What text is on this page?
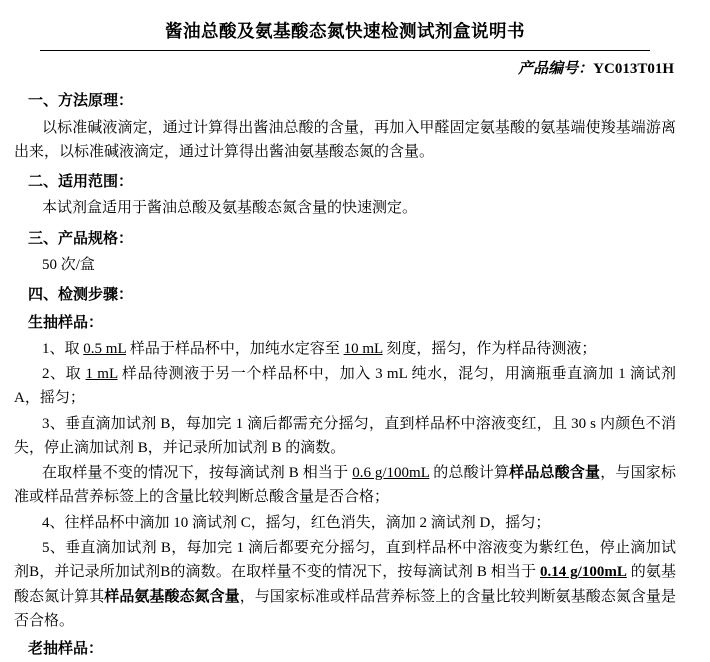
酱油总酸及氨基酸态氮快速检测试剂盒说明书
产品编号：YC013T01H
一、方法原理：
以标准碱液滴定，通过计算得出酱油总酸的含量，再加入甲醛固定氨基酸的氨基端使羧基端游离出来，以标准碱液滴定，通过计算得出酱油氨基酸态氮的含量。
二、适用范围：
本试剂盒适用于酱油总酸及氨基酸态氮含量的快速测定。
三、产品规格：
50 次/盒
四、检测步骤：
生抽样品：
1、取 0.5 mL 样品于样品杯中，加纯水定容至 10 mL 刻度，摇匀，作为样品待测液；
2、取 1 mL 样品待测液于另一个样品杯中，加入 3 mL 纯水，混匀，用滴瓶垂直滴加 1 滴试剂 A，摇匀；
3、垂直滴加试剂 B，每加完 1 滴后都需充分摇匀，直到样品杯中溶液变红，且 30 s 内颜色不消失，停止滴加试剂 B，并记录所加试剂 B 的滴数。
在取样量不变的情况下，按每滴试剂 B 相当于 0.6 g/100mL 的总酸计算样品总酸含量，与国家标准或样品营养标签上的含量比较判断总酸含量是否合格；
4、往样品杯中滴加 10 滴试剂 C，摇匀，红色消失，滴加 2 滴试剂 D，摇匀；
5、垂直滴加试剂 B，每加完 1 滴后都要充分摇匀，直到样品杯中溶液变为紫红色，停止滴加试剂B，并记录所加试剂B的滴数。在取样量不变的情况下，按每滴试剂 B 相当于 0.14 g/100mL 的氨基酸态氮计算其样品氨基酸态氮含量，与国家标准或样品营养标签上的含量比较判断氨基酸态氮含量是否合格。
老抽样品：
